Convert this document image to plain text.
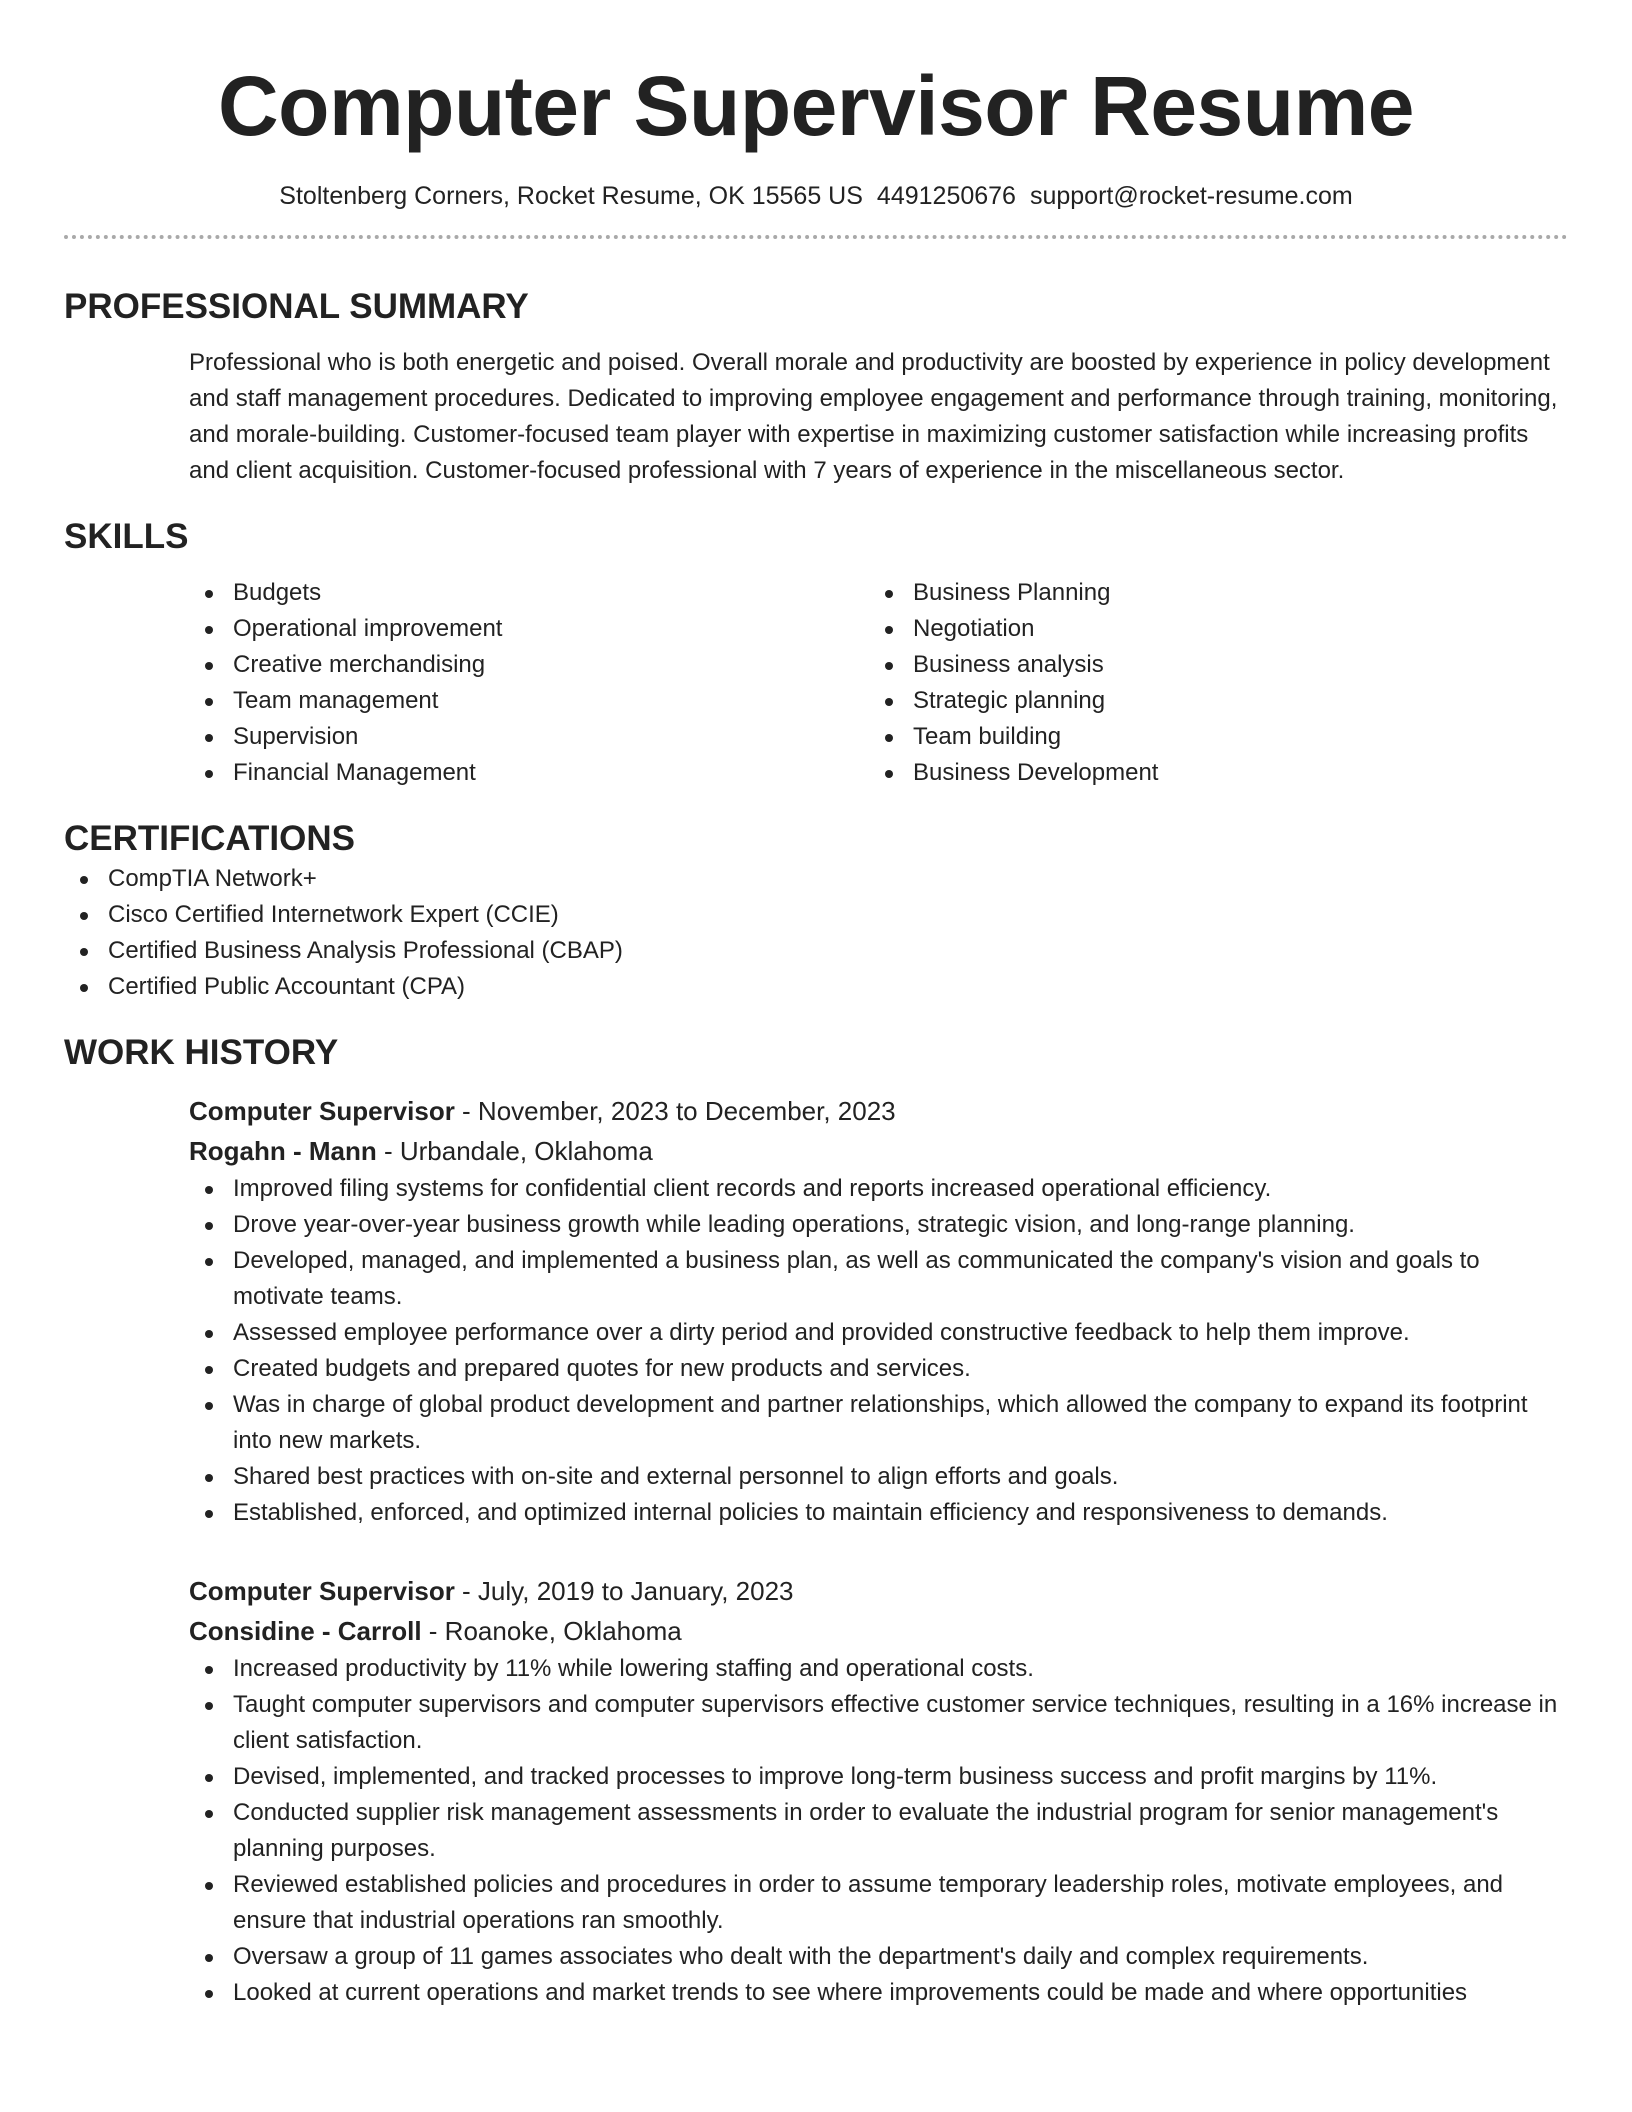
Computer Supervisor Resume
Stoltenberg Corners, Rocket Resume, OK 15565 US 4491250676 support@rocket-resume.com
PROFESSIONAL SUMMARY

Professional who is both energetic and poised. Overall morale and productivity are boosted by experience in policy development and staff management procedures. Dedicated to improving employee engagement and performance through training, monitoring, and morale-building. Customer-focused team player with expertise in maximizing customer satisfaction while increasing profits and client acquisition. Customer-focused professional with 7 years of experience in the miscellaneous sector.

SKILLS
Budgets
Operational improvement
Creative merchandising
Team management
Supervision
Financial Management
Business Planning
Negotiation
Business analysis
Strategic planning
Team building
Business Development
CERTIFICATIONS
CompTIA Network+
Cisco Certified Internetwork Expert (CCIE)
Certified Business Analysis Professional (CBAP)
Certified Public Accountant (CPA)
WORK HISTORY
Computer Supervisor - November, 2023 to December, 2023
Rogahn - Mann - Urbandale, Oklahoma
Improved filing systems for confidential client records and reports increased operational efficiency.
Drove year-over-year business growth while leading operations, strategic vision, and long-range planning.
Developed, managed, and implemented a business plan, as well as communicated the company's vision and goals to motivate teams.
Assessed employee performance over a dirty period and provided constructive feedback to help them improve.
Created budgets and prepared quotes for new products and services.
Was in charge of global product development and partner relationships, which allowed the company to expand its footprint into new markets.
Shared best practices with on-site and external personnel to align efforts and goals.
Established, enforced, and optimized internal policies to maintain efficiency and responsiveness to demands.
Computer Supervisor - July, 2019 to January, 2023
Considine - Carroll - Roanoke, Oklahoma
Increased productivity by 11% while lowering staffing and operational costs.
Taught computer supervisors and computer supervisors effective customer service techniques, resulting in a 16% increase in client satisfaction.
Devised, implemented, and tracked processes to improve long-term business success and profit margins by 11%.
Conducted supplier risk management assessments in order to evaluate the industrial program for senior management's planning purposes.
Reviewed established policies and procedures in order to assume temporary leadership roles, motivate employees, and ensure that industrial operations ran smoothly.
Oversaw a group of 11 games associates who dealt with the department's daily and complex requirements.
Looked at current operations and market trends to see where improvements could be made and where opportunities
